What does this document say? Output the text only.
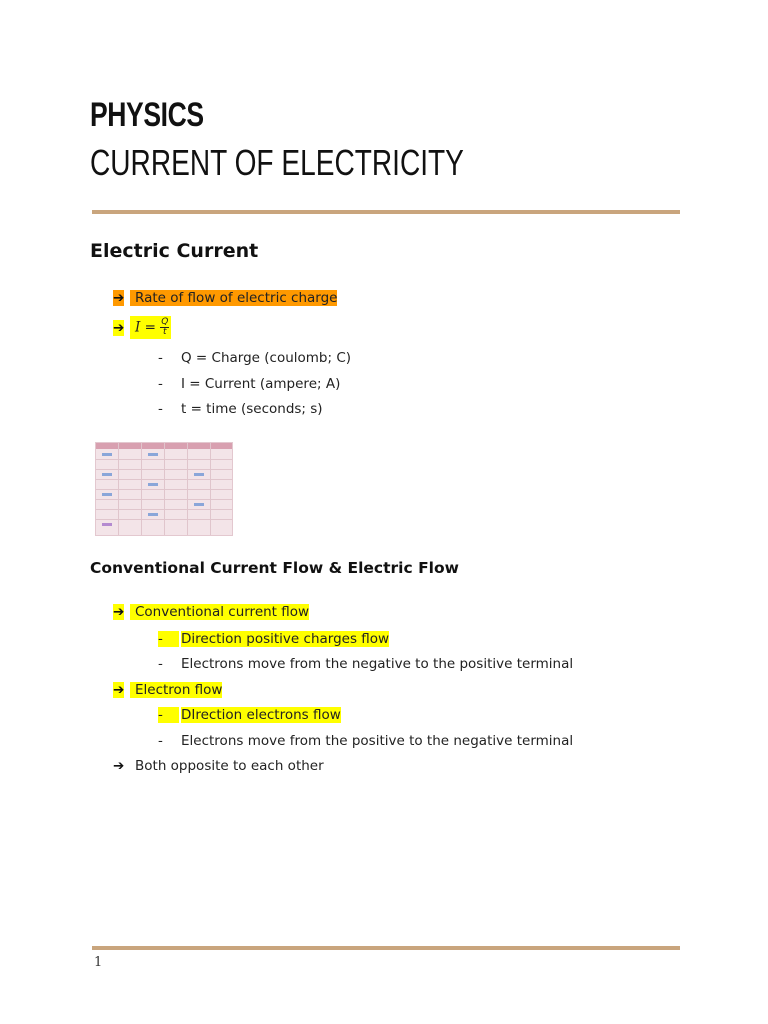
PHYSICS
CURRENT OF ELECTRICITY
Electric Current
➔ Rate of flow of electric charge
➔ $I = \frac{Q}{t}$
- Q = Charge (coulomb; C)
- I = Current (ampere; A)
- t = time (seconds; s)
Conventional Current Flow & Electric Flow
➔ Conventional current flow
-	Direction positive charges flow
- Electrons move from the negative to the positive terminal
➔ Electron flow
-	DIrection electrons flow
- Electrons move from the positive to the negative terminal
➔ Both opposite to each other
1
